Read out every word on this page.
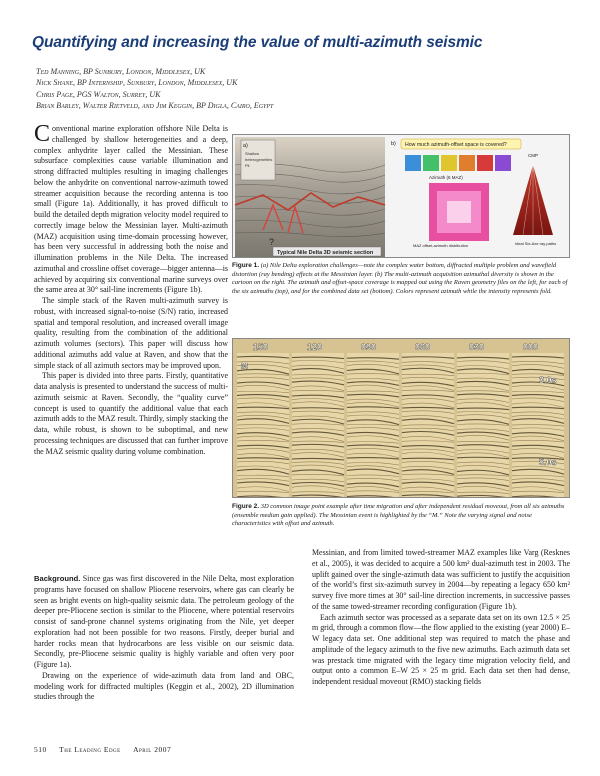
Quantifying and increasing the value of multi-azimuth seismic
Ted Manning, BP Sunbury, London, Middlesex, UK
Nick Shane, BP Internship, Sunbury, London, Middlesex, UK
Chris Page, PGS Walton, Surrey, UK
Brian Barley, Walter Rietveld, and Jim Keggin, BP Digla, Cairo, Egypt

Conventional marine exploration offshore Nile Delta is challenged by shallow heterogeneities and a deep, complex anhydrite layer called the Messinian. These subsurface complexities cause variable illumination and strong diffracted multiples resulting in imaging challenges below the anhydrite on conventional narrow-azimuth towed streamer acquisition because the recording antenna is too small (Figure 1a). Additionally, it has proved difficult to build the detailed depth migration velocity model required to correctly image below the Messinian layer. Multi-azimuth (MAZ) acquisition using time-domain processing however, has been very successful in addressing both the noise and illumination problems in the Nile Delta. The increased azimuthal and crossline offset coverage—bigger antenna—is achieved by acquiring six conventional marine surveys over the same area at 30° sail-line increments (Figure 1b).

The simple stack of the Raven multi-azimuth survey is robust, with increased signal-to-noise (S/N) ratio, increased spatial and temporal resolution, and increased overall image quality, resulting from the combination of the additional azimuth volumes (sectors). This paper will discuss how additional azimuths add value at Raven, and show that the simple stack of all azimuth sectors may be improved upon.

This paper is divided into three parts. Firstly, quantitative data analysis is presented to understand the success of multi-azimuth seismic at Raven. Secondly, the “quality curve” concept is used to quantify the additional value that each azimuth adds to the MAZ result. Thirdly, simply stacking the data, while robust, is shown to be suboptimal, and new processing techniques are discussed that can further improve the MAZ seismic quality during volume combination.

a)
Shallow
heterogeneities
Pli
?
Typical Nile Delta 3D seismic section
b) How much azimuth-offset space is covered?
CMP
Azimuth (6 MAZ)
MAZ offset-azimuth distribution	Ideal Six-Axe ray paths
Figure 1. (a) Nile Delta exploration challenges—note the complex water bottom, diffracted multiple problem and wavefield distortion (ray bending) effects at the Messinian layer. (b) The multi-azimuth acquisition azimuthal diversity is shown in the cartoon on the right. The azimuth and offset-space coverage is mapped out using the Raven geometry files on the left, for each of the six azimuths (top), and for the combined data set (bottom). Colors represent azimuth while the intensity represents fold.
M
3.0s
5.0s
150	120	090	060	030	000
Figure 2. 3D common image point example after time migration and after independent residual moveout, from all six azimuths (ensemble median gain applied). The Messinian event is highlighted by the “M.” Note the varying signal and noise characteristics with offset and azimuth.

Background. Since gas was first discovered in the Nile Delta, most exploration programs have focused on shallow Pliocene reservoirs, where gas can clearly be seen as bright events on high-quality seismic data. The petroleum geology of the deeper pre-Pliocene section is similar to the Pliocene, where potential reservoirs consist of sand-prone channel systems originating from the Nile, yet deeper exploration had not been possible for two reasons. Firstly, deeper burial and harder rocks mean that hydrocarbons are less visible on our seismic data. Secondly, pre-Pliocene seismic quality is highly variable and often very poor (Figure 1a).

Drawing on the experience of wide-azimuth data from land and OBC, modeling work for diffracted multiples (Keggin et al., 2002), 2D illumination studies through the

Messinian, and from limited towed-streamer MAZ examples like Varg (Resknes et al., 2005), it was decided to acquire a 500 km² dual-azimuth test in 2003. The uplift gained over the single-azimuth data was sufficient to justify the acquisition of the world’s first six-azimuth survey in 2004—by repeating a legacy 650 km² survey five more times at 30° sail-line direction increments, in successive passes of the same towed-streamer recording configuration (Figure 1b).

Each azimuth sector was processed as a separate data set on its own 12.5 × 25 m grid, through a common flow—the flow applied to the existing (year 2000) E–W legacy data set. One additional step was required to match the phase and amplitude of the legacy azimuth to the five new azimuths. Each azimuth data set was prestack time migrated with the legacy time migration velocity field, and output onto a common E–W 25 × 25 m grid. Each data set then had dense, independent residual moveout (RMO) stacking fields

510 The Leading Edge April 2007
